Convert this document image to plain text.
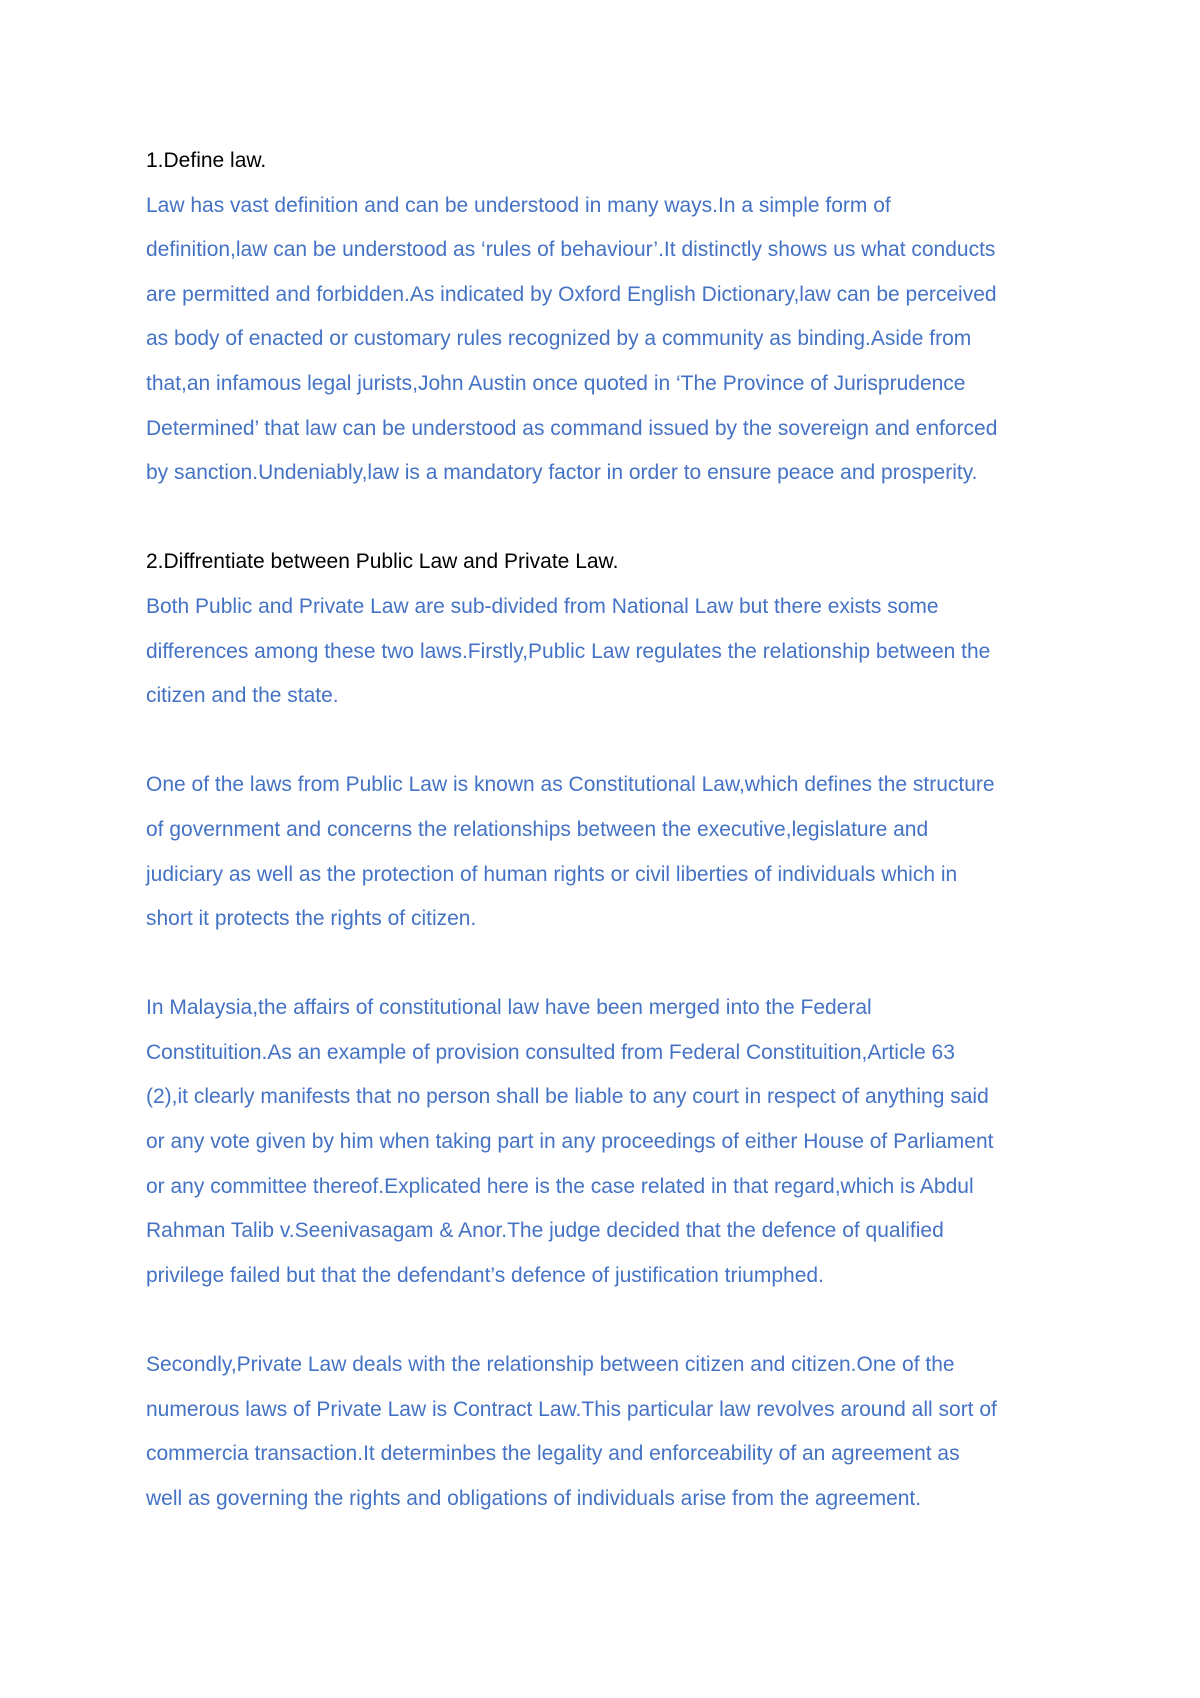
1.Define law.
Law has vast definition and can be understood in many ways.In a simple form of
definition,law can be understood as ‘rules of behaviour’.It distinctly shows us what conducts
are permitted and forbidden.As indicated by Oxford English Dictionary,law can be perceived
as body of enacted or customary rules recognized by a community as binding.Aside from
that,an infamous legal jurists,John Austin once quoted in ‘The Province of Jurisprudence
Determined’ that law can be understood as command issued by the sovereign and enforced
by sanction.Undeniably,law is a mandatory factor in order to ensure peace and prosperity.
2.Diffrentiate between Public Law and Private Law.
Both Public and Private Law are sub-divided from National Law but there exists some
differences among these two laws.Firstly,Public Law regulates the relationship between the
citizen and the state.
One of the laws from Public Law is known as Constitutional Law,which defines the structure
of government and concerns the relationships between the executive,legislature and
judiciary as well as the protection of human rights or civil liberties of individuals which in
short it protects the rights of citizen.
In Malaysia,the affairs of constitutional law have been merged into the Federal
Constituition.As an example of provision consulted from Federal Constituition,Article 63
(2),it clearly manifests that no person shall be liable to any court in respect of anything said
or any vote given by him when taking part in any proceedings of either House of Parliament
or any committee thereof.Explicated here is the case related in that regard,which is Abdul
Rahman Talib v.Seenivasagam & Anor.The judge decided that the defence of qualified
privilege failed but that the defendant’s defence of justification triumphed.
Secondly,Private Law deals with the relationship between citizen and citizen.One of the
numerous laws of Private Law is Contract Law.This particular law revolves around all sort of
commercia transaction.It determinbes the legality and enforceability of an agreement as
well as governing the rights and obligations of individuals arise from the agreement.
